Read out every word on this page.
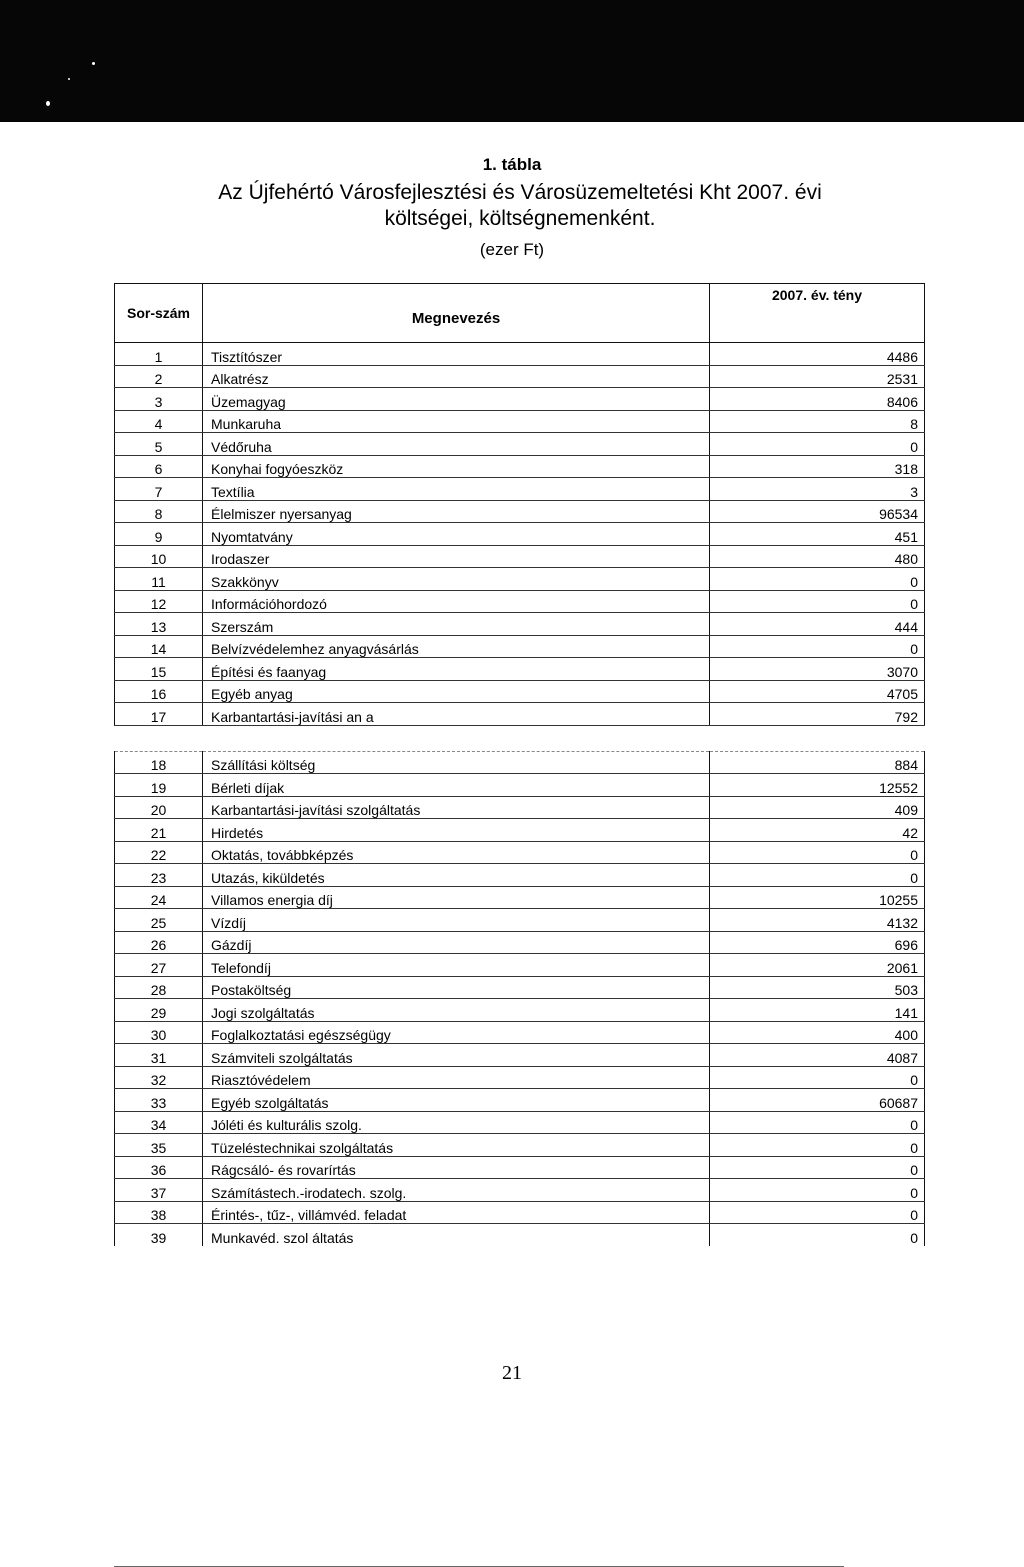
1. tábla
Az Újfehértó Városfejlesztési és Városüzemeltetési Kht 2007. évi
költségei, költségnemenként.
(ezer Ft)
Sor-szám	Megnevezés	2007. év. tény
1	Tisztítószer	4486
2	Alkatrész	2531
3	Üzemagyag	8406
4	Munkaruha	8
5	Védőruha	0
6	Konyhai fogyóeszköz	318
7	Textília	3
8	Élelmiszer nyersanyag	96534
9	Nyomtatvány	451
10	Irodaszer	480
11	Szakkönyv	0
12	Információhordozó	0
13	Szerszám	444
14	Belvízvédelemhez anyagvásárlás	0
15	Építési és faanyag	3070
16	Egyéb anyag	4705
17	Karbantartási-javítási an a	792

18	Szállítási költség	884
19	Bérleti díjak	12552
20	Karbantartási-javítási szolgáltatás	409
21	Hirdetés	42
22	Oktatás, továbbképzés	0
23	Utazás, kiküldetés	0
24	Villamos energia díj	10255
25	Vízdíj	4132
26	Gázdíj	696
27	Telefondíj	2061
28	Postaköltség	503
29	Jogi szolgáltatás	141
30	Foglalkoztatási egészségügy	400
31	Számviteli szolgáltatás	4087
32	Riasztóvédelem	0
33	Egyéb szolgáltatás	60687
34	Jóléti és kulturális szolg.	0
35	Tüzeléstechnikai szolgáltatás	0
36	Rágcsáló- és rovarírtás	0
37	Számítástech.-irodatech. szolg.	0
38	Érintés-, tűz-, villámvéd. feladat	0
39	Munkavéd. szol áltatás	0
21
